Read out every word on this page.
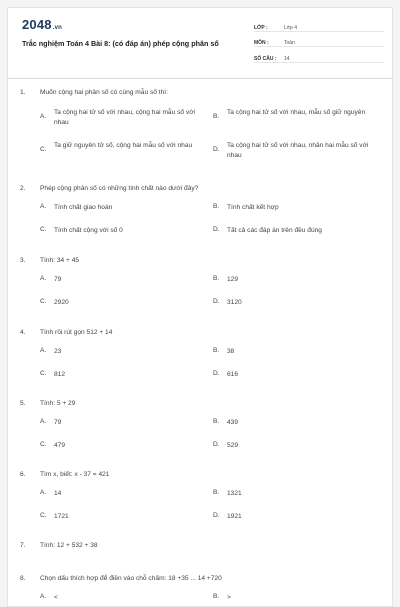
2048.vn
Trắc nghiệm Toán 4 Bài 8: (có đáp án) phép cộng phân số
LỚP :	Lớp 4
MÔN :	Toán
SỐ CÂU :	14
1.	Muốn cộng hai phân số có cùng mẫu số thì:
A.
Ta cộng hai tử số với nhau, cộng hai mẫu số với nhau
B.
Ta cộng hai tử số với nhau, mẫu số giữ nguyên
C.
Ta giữ nguyên tử số, cộng hai mẫu số với nhau
D.
Ta cộng hai tử số với nhau, nhân hai mẫu số với nhau
2.	Phép cộng phân số có những tính chất nào dưới đây?
A.	Tính chất giao hoán	B.	Tính chất kết hợp
C.	Tính chất cộng với số 0	D.	Tất cả các đáp án trên đều đúng
3.	Tính: 34 + 45
A.	79	B.	129
C.	2920	D.	3120
4.	Tính rồi rút gọn 512 + 14
A.	23	B.	38
C.	812	D.	616
5.	Tính: 5 + 29
A.	79	B.	439
C.	479	D.	529
6.	Tìm x, biết: x - 37 = 421
A.	14	B.	1321
C.	1721	D.	1921
7.	Tính: 12 + 532 + 38
8.	Chọn dấu thích hợp để điền vào chỗ chấm: 18 +35 ... 14 +720
A.	<	B.	>
